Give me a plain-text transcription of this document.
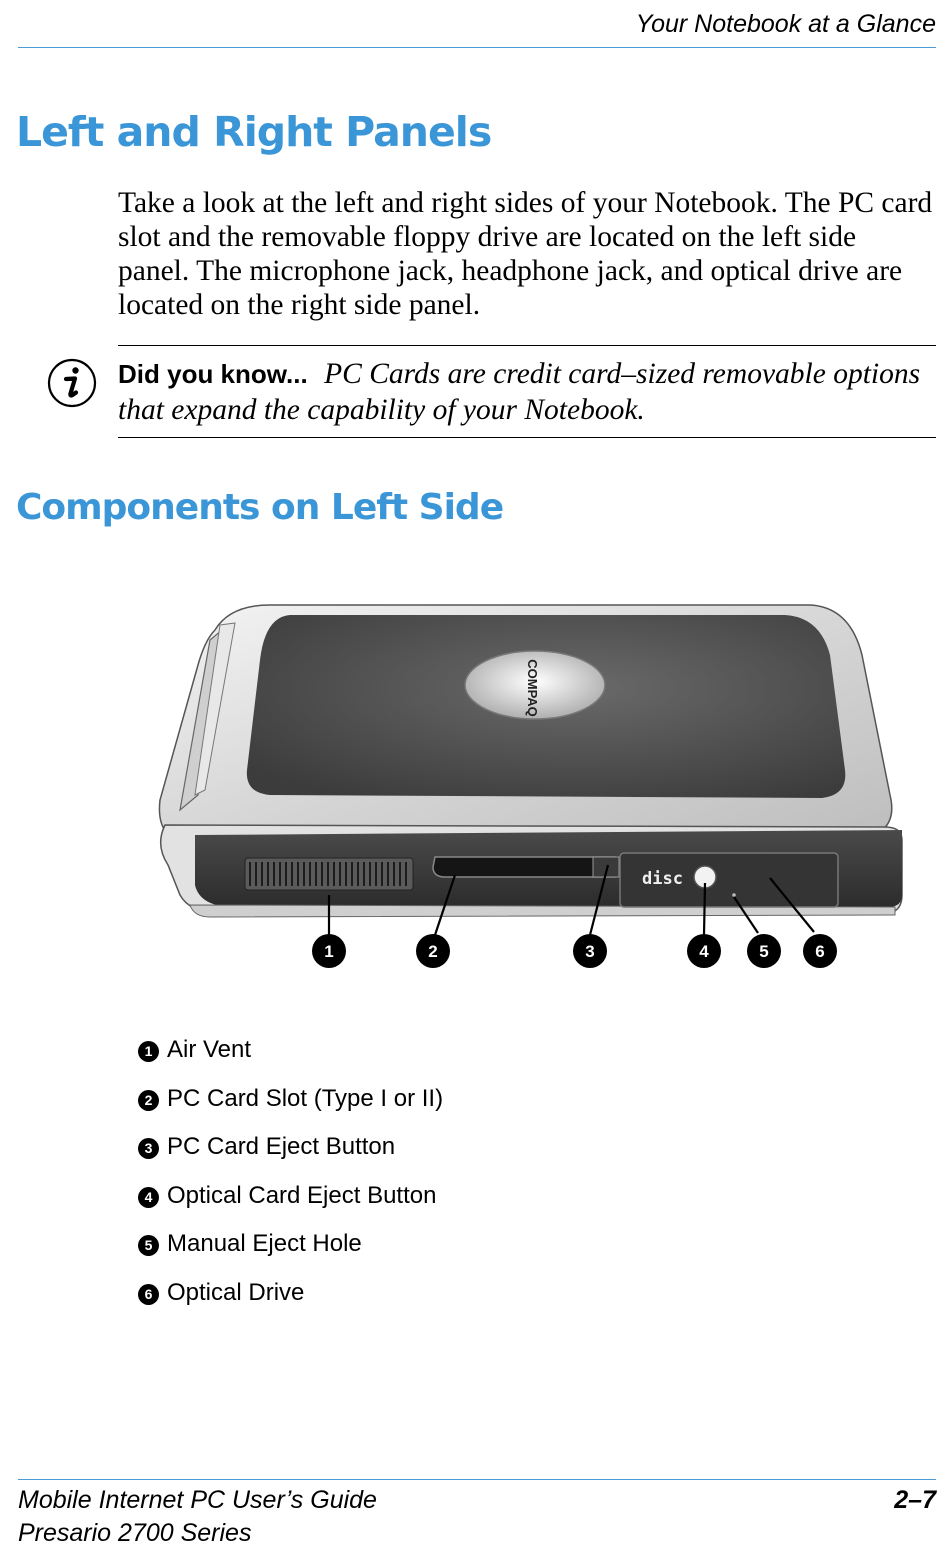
Your Notebook at a Glance
Left and Right Panels

Take a look at the left and right sides of your Notebook. The PC card slot and the removable floppy drive are located on the left side panel. The microphone jack, headphone jack, and optical drive are located on the right side panel.

Did you know... PC Cards are credit card–sized removable options that expand the capability of your Notebook.

Components on Left Side
COMPAQ
disc
1	2	3	4	5	6
1 Air Vent
2 PC Card Slot (Type I or II)
3 PC Card Eject Button
4 Optical Card Eject Button
5 Manual Eject Hole
6 Optical Drive
Mobile Internet PC User’s Guide
Presario 2700 Series
2–7
